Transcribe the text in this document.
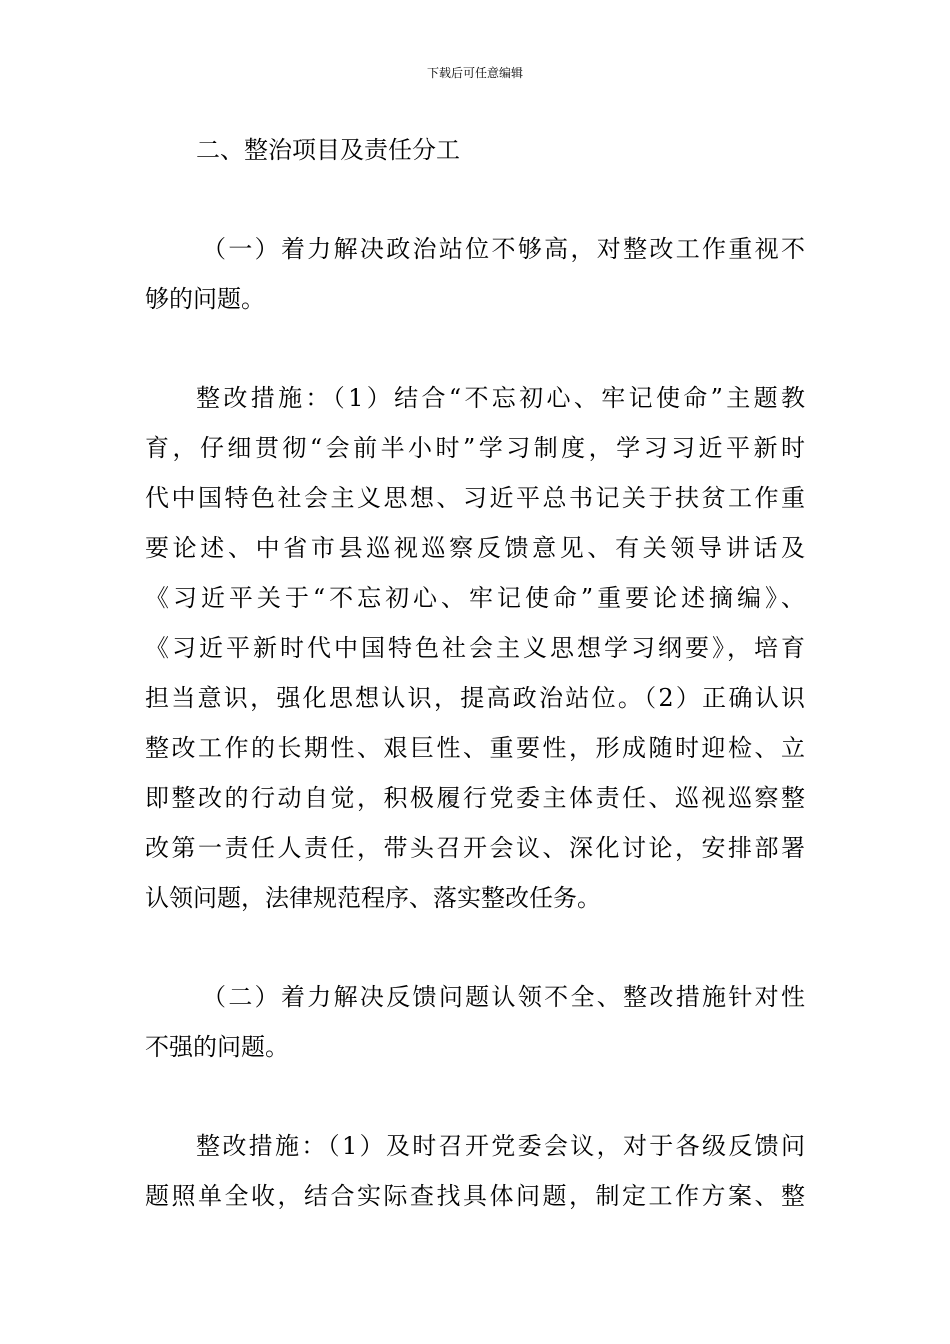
下载后可任意编辑
二、整治项目及责任分工
（一）着力解决政治站位不够高，对整改工作重视不
够的问题。
整改措施：（1）结合“不忘初心、牢记使命”主题教
育，仔细贯彻“会前半小时”学习制度，学习习近平新时
代中国特色社会主义思想、习近平总书记关于扶贫工作重
要论述、中省市县巡视巡察反馈意见、有关领导讲话及
《习近平关于“不忘初心、牢记使命”重要论述摘编》、
《习近平新时代中国特色社会主义思想学习纲要》，培育
担当意识，强化思想认识，提高政治站位。（2）正确认识
整改工作的长期性、艰巨性、重要性，形成随时迎检、立
即整改的行动自觉，积极履行党委主体责任、巡视巡察整
改第一责任人责任，带头召开会议、深化讨论，安排部署
认领问题，法律规范程序、落实整改任务。
（二）着力解决反馈问题认领不全、整改措施针对性
不强的问题。
整改措施：（1）及时召开党委会议，对于各级反馈问
题照单全收，结合实际查找具体问题，制定工作方案、整
